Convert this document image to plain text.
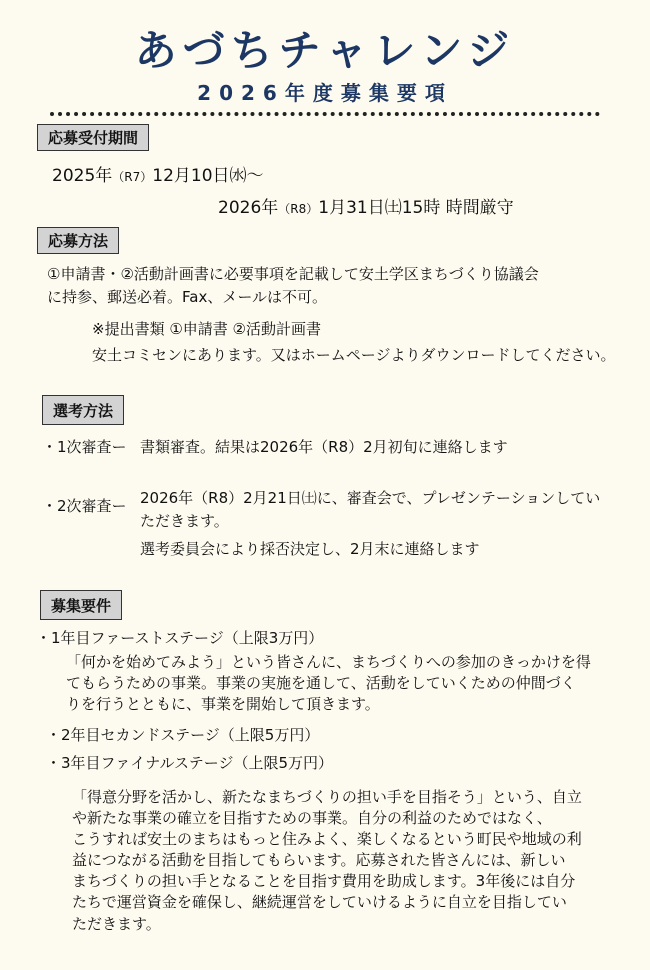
あづちチャレンジ
2026年度募集要項
応募受付期間
2025年（R7）12月10日㈬～
2026年（R8）1月31日㈯15時 時間厳守
応募方法
①申請書・②活動計画書に必要事項を記載して安土学区まちづくり協議会
に持参、郵送必着。Fax、メールは不可。
※提出書類 ①申請書 ②活動計画書
安土コミセンにあります。又はホームページよりダウンロードしてください。
選考方法
・1次審査ー 書類審査。結果は2026年（R8）2月初旬に連絡します
・2次審査ー 2026年（R8）2月21日㈯に、審査会で、プレゼンテーションしてい
ただきます。
選考委員会により採否決定し、2月末に連絡します
募集要件
・1年目ファーストステージ（上限3万円）
「何かを始めてみよう」という皆さんに、まちづくりへの参加のきっかけを得
てもらうための事業。事業の実施を通して、活動をしていくための仲間づく
りを行うとともに、事業を開始して頂きます。
・2年目セカンドステージ（上限5万円）
・3年目ファイナルステージ（上限5万円）
「得意分野を活かし、新たなまちづくりの担い手を目指そう」という、自立
や新たな事業の確立を目指すための事業。自分の利益のためではなく、
こうすれば安土のまちはもっと住みよく、楽しくなるという町民や地域の利
益につながる活動を目指してもらいます。応募された皆さんには、新しい
まちづくりの担い手となることを目指す費用を助成します。3年後には自分
たちで運営資金を確保し、継続運営をしていけるように自立を目指してい
ただきます。
